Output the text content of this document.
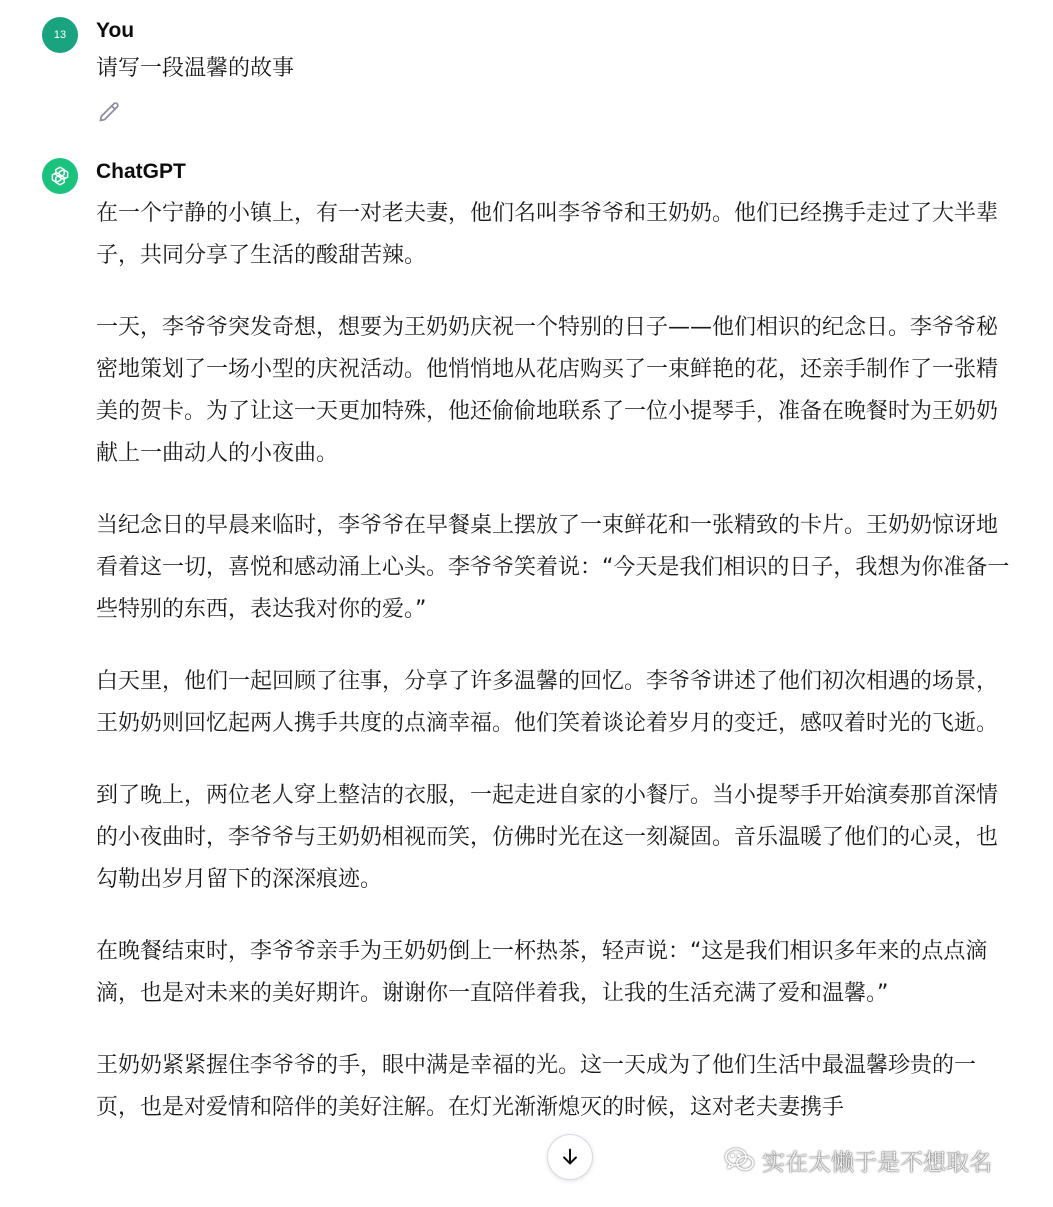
13 You
请写一段温馨的故事
ChatGPT

在一个宁静的小镇上，有一对老夫妻，他们名叫李爷爷和王奶奶。他们已经携手走过了大半辈子，共同分享了生活的酸甜苦辣。

一天，李爷爷突发奇想，想要为王奶奶庆祝一个特别的日子——他们相识的纪念日。李爷爷秘密地策划了一场小型的庆祝活动。他悄悄地从花店购买了一束鲜艳的花，还亲手制作了一张精美的贺卡。为了让这一天更加特殊，他还偷偷地联系了一位小提琴手，准备在晚餐时为王奶奶献上一曲动人的小夜曲。

当纪念日的早晨来临时，李爷爷在早餐桌上摆放了一束鲜花和一张精致的卡片。王奶奶惊讶地看着这一切，喜悦和感动涌上心头。李爷爷笑着说：“今天是我们相识的日子，我想为你准备一些特别的东西，表达我对你的爱。”

白天里，他们一起回顾了往事，分享了许多温馨的回忆。李爷爷讲述了他们初次相遇的场景，王奶奶则回忆起两人携手共度的点滴幸福。他们笑着谈论着岁月的变迁，感叹着时光的飞逝。

到了晚上，两位老人穿上整洁的衣服，一起走进自家的小餐厅。当小提琴手开始演奏那首深情的小夜曲时，李爷爷与王奶奶相视而笑，仿佛时光在这一刻凝固。音乐温暖了他们的心灵，也勾勒出岁月留下的深深痕迹。

在晚餐结束时，李爷爷亲手为王奶奶倒上一杯热茶，轻声说：“这是我们相识多年来的点点滴滴，也是对未来的美好期许。谢谢你一直陪伴着我，让我的生活充满了爱和温馨。”

王奶奶紧紧握住李爷爷的手，眼中满是幸福的光。这一天成为了他们生活中最温馨珍贵的一页，也是对爱情和陪伴的美好注解。在灯光渐渐熄灭的时候，这对老夫妻携手

实在太懒于是不想取名
